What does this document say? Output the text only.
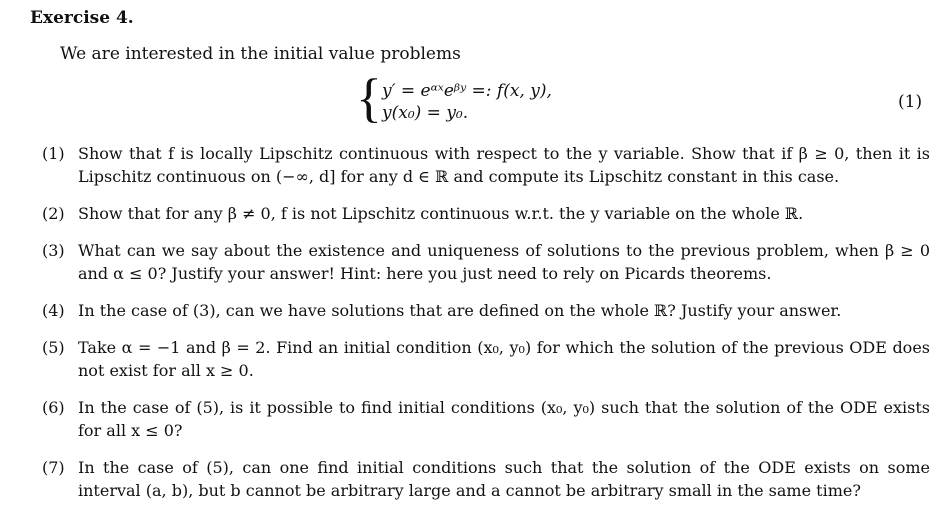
Exercise 4.
We are interested in the initial value problems
{ y′ = eᵅˣeᵝʸ =: f(x, y),
y(x₀) = y₀.
(1)
(1) Show that f is locally Lipschitz continuous with respect to the y variable. Show that if β ≥ 0, then it is Lipschitz continuous on (−∞, d] for any d ∈ ℝ and compute its Lipschitz constant in this case.
(2) Show that for any β ≠ 0, f is not Lipschitz continuous w.r.t. the y variable on the whole ℝ.
(3) What can we say about the existence and uniqueness of solutions to the previous problem, when β ≥ 0 and α ≤ 0? Justify your answer! Hint: here you just need to rely on Picards theorems.
(4) In the case of (3), can we have solutions that are defined on the whole ℝ? Justify your answer.
(5) Take α = −1 and β = 2. Find an initial condition (x₀, y₀) for which the solution of the previous ODE does not exist for all x ≥ 0.
(6) In the case of (5), is it possible to find initial conditions (x₀, y₀) such that the solution of the ODE exists for all x ≤ 0?
(7) In the case of (5), can one find initial conditions such that the solution of the ODE exists on some interval (a, b), but b cannot be arbitrary large and a cannot be arbitrary small in the same time?
